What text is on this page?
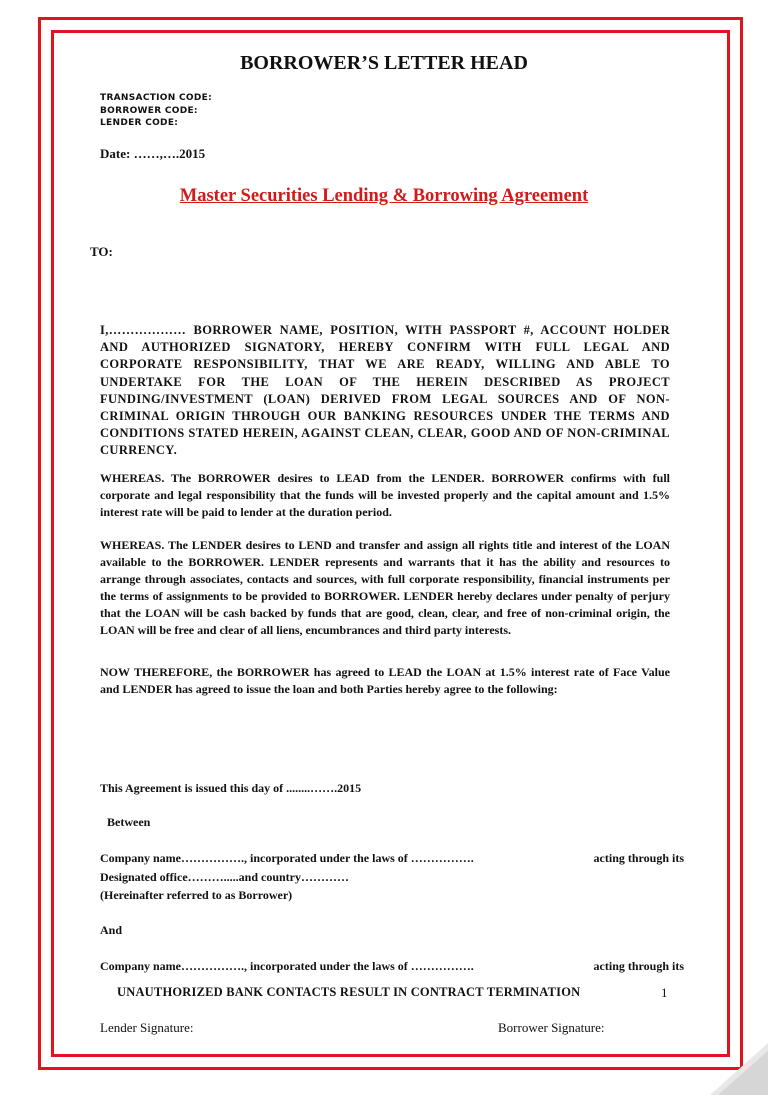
BORROWER’S LETTER HEAD
TRANSACTION CODE:
BORROWER CODE:
LENDER CODE:
Date: ……,….2015
Master Securities Lending & Borrowing Agreement
TO:
I,……………… BORROWER NAME, POSITION, WITH PASSPORT #, ACCOUNT HOLDER AND AUTHORIZED SIGNATORY, HEREBY CONFIRM WITH FULL LEGAL AND CORPORATE RESPONSIBILITY, THAT WE ARE READY, WILLING AND ABLE TO UNDERTAKE FOR THE LOAN OF THE HEREIN DESCRIBED AS PROJECT FUNDING/INVESTMENT (LOAN) DERIVED FROM LEGAL SOURCES AND OF NON-CRIMINAL ORIGIN THROUGH OUR BANKING RESOURCES UNDER THE TERMS AND CONDITIONS STATED HEREIN, AGAINST CLEAN, CLEAR, GOOD AND OF NON-CRIMINAL CURRENCY.
WHEREAS. The BORROWER desires to LEAD from the LENDER. BORROWER confirms with full corporate and legal responsibility that the funds will be invested properly and the capital amount and 1.5% interest rate will be paid to lender at the duration period.
WHEREAS. The LENDER desires to LEND and transfer and assign all rights title and interest of the LOAN available to the BORROWER. LENDER represents and warrants that it has the ability and resources to arrange through associates, contacts and sources, with full corporate responsibility, financial instruments per the terms of assignments to be provided to BORROWER. LENDER hereby declares under penalty of perjury that the LOAN will be cash backed by funds that are good, clean, clear, and free of non-criminal origin, the LOAN will be free and clear of all liens, encumbrances and third party interests.
NOW THEREFORE, the BORROWER has agreed to LEAD the LOAN at 1.5% interest rate of Face Value and LENDER has agreed to issue the loan and both Parties hereby agree to the following:
This Agreement is issued this day of ........…….2015
Between
Company name……………., incorporated under the laws of …………….	acting through its
Designated office……….....and country…………
(Hereinafter referred to as Borrower)
And
Company name……………., incorporated under the laws of …………….	acting through its
UNAUTHORIZED BANK CONTACTS RESULT IN CONTRACT TERMINATION	1
Lender Signature:	Borrower Signature:
